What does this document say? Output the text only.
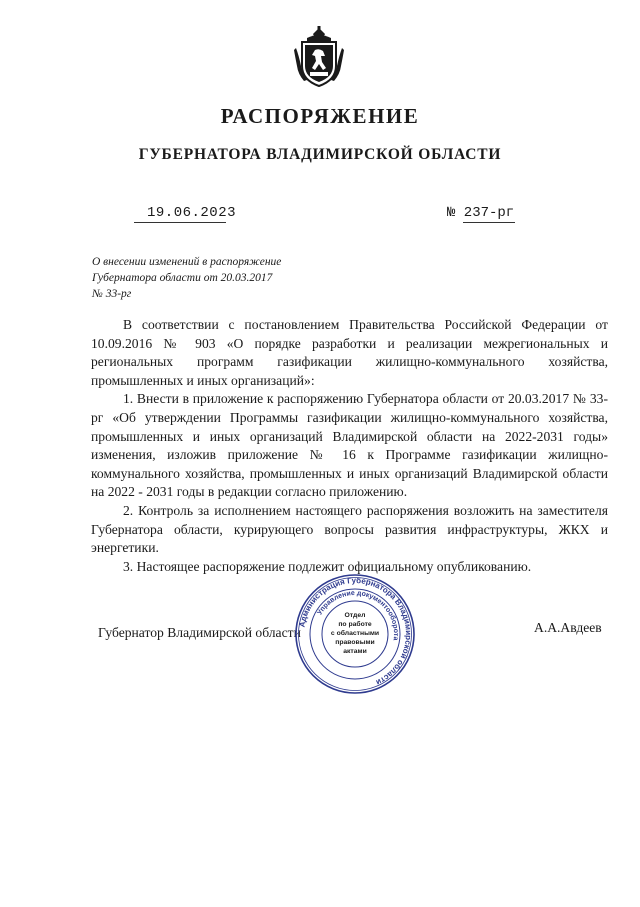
РАСПОРЯЖЕНИЕ
ГУБЕРНАТОРА ВЛАДИМИРСКОЙ ОБЛАСТИ
19.06.2023	№ 237-рг
О внесении изменений в распоряжение
Губернатора области от 20.03.2017
№ 33-рг

В соответствии с постановлением Правительства Российской Федерации от 10.09.2016 № 903 «О порядке разработки и реализации межрегиональных и региональных программ газификации жилищно-коммунального хозяйства, промышленных и иных организаций»:

1. Внести в приложение к распоряжению Губернатора области от 20.03.2017 № 33-рг «Об утверждении Программы газификации жилищно-коммунального хозяйства, промышленных и иных организаций Владимирской области на 2022-2031 годы» изменения, изложив приложение № 16 к Программе газификации жилищно-коммунального хозяйства, промышленных и иных организаций Владимирской области на 2022 - 2031 годы в редакции согласно приложению.

2. Контроль за исполнением настоящего распоряжения возложить на заместителя Губернатора области, курирующего вопросы развития инфраструктуры, ЖКХ и энергетики.

3. Настоящее распоряжение подлежит официальному опубликованию.

Губернатор Владимирской области	А.А.Авдеев
Администрация Губернатора Владимирской области
Управление документооборота
Отдел
по работе
с областными
правовыми
актами
